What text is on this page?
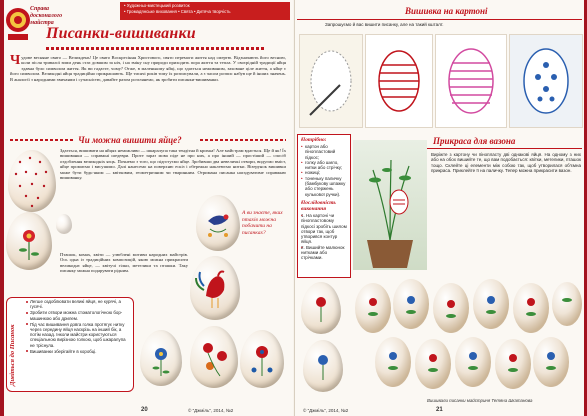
Справа досконалого майстра
• Художньо-мистецький розвиток
• Громадянське виховання • Свята • Дитяча творчість
Писанки-вишиванки
Чудове весняне свято — Великдень! Це свято Воскресіння Христового, свято перемоги життя над смертю. Відзначають його весною, коли після тривалої зими день стає довшим за ніч, і на зміну сну природи приходить пора життя та тепла. У своєрідній традиції яйця здавна було символом життя. Як ви гадаєте, чому? Отже, в маленькому яйці, що здається неживаним, заховане ціле життя, а яйце є його символом. Великодні яйця традиційно прикрашають. Ще тисячі років тому їх розписували, а з часом розпис набув ще й інших значень. В аналогії з народними звичаями і сучасністю, давайте разом розглянемо, як зробити писанки-вишиванки.
Чи можна вишити яйце?
Здається, вишивати на яйцях неможливо — шкаралупа така тендітна й крихка! Але майстрам вдається. Ще й як! Їх вишиванки — справжні шедеври. Проте зараз мова піде не про них, а про інший — простіший — спосіб оздоблення великодніх яєць. Почнемо з того, що підготуємо яйце. Зробивши два невеличкі отвори, видуємо вміст, яйце промиємо і висушимо. Далі нанесемо на поверхню ескіз і обережно наклеюємо нитки. Візерунок вишивки може бути будь-яким — квітковим, геометричним чи тваринним. Отримана писанка нагадуватиме справжню вишиванку.
А ви знаєте, яких птахів можна побачити на писанках?
Пташок, комах, квіти — улюблені мотиви народних майстрів. Ось одна із традиційних композицій, якою можна прикрасити великоднє яйце, — квітучі гілки, метелики та пташки. Таку писанку можна подарувати рідним.
Дивіться до Писанок
Легше оздоблювати великі яйця, не курячі, а гусячі.
Зробити отвори можна стоматологічною бор-машинкою або дрилем.
Під час вишивання довга голка протягує нитку через середину яйця наскрізь на інший бік, а потім назад. Інколи майстри користуються спеціальною вирізною голкою, щоб шкаралупа не тріснула.
Вишиванки зберігайте в коробці.
20	© "Джміль", 2014, №2
Вишивка на картоні
Запрошуємо й вас вишити писанку, але на такий кшталт.
• Потрібно:
• картон або пінопластовий підкос;
• голку або шило, нитки або стрічку;
• ножиці;
• тоненьку паличку (бамбукову шпажку або стержень кулькової ручки).
• Послідовність виконання
• 1. На картоні чи пінопластовому підкосі зробіть шилом отвори так, щоб утворився контур яйця.
• 2. Вишийте малюнок нитками або стрічками.
Прикраса для вазона
Виріжте з картону чи пінопласту дві однакові яйця. На одному з них або на обох вишийте те, що вам подобається: квітки, метелики, пташок тощо. Склейте ці елементи між собою так, щоб утворилася об'ємна прикраса. Приклейте її на паличку. Тепер можна прикрасити вазон.
Вишивали писанки майстриня Тетяна Шкатанова
© "Джміль", 2014, №2	21
